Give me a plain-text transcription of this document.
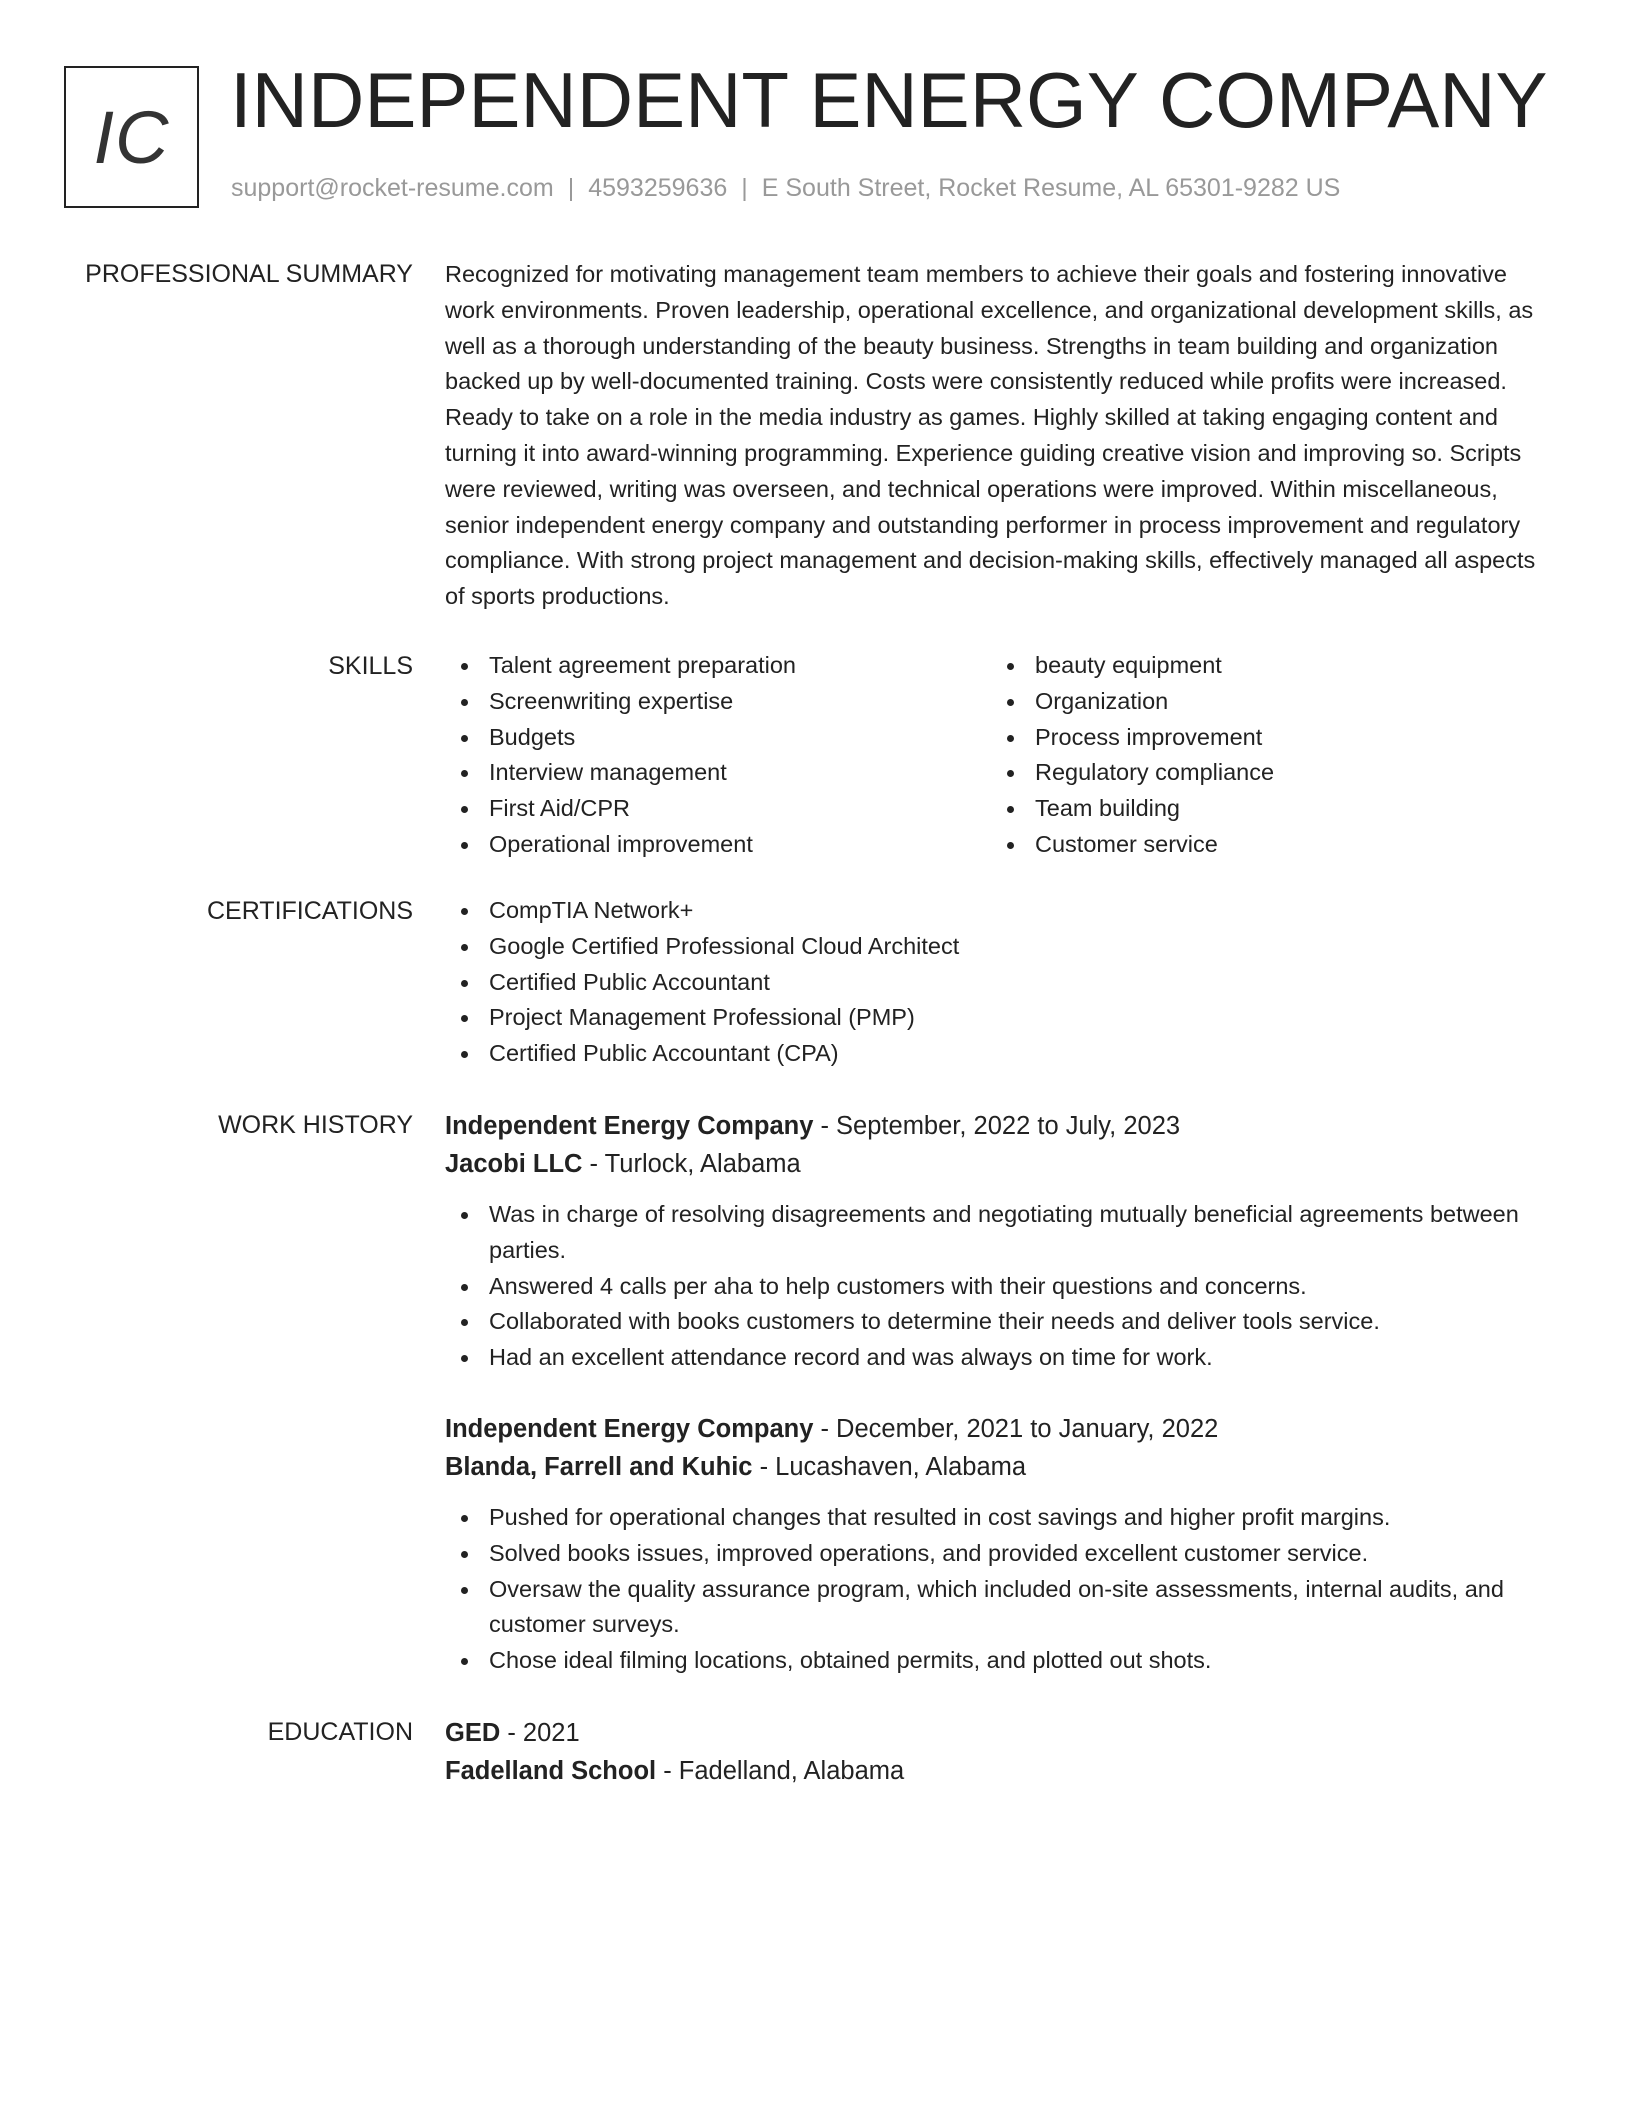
IC INDEPENDENT ENERGY COMPANY
support@rocket-resume.com | 4593259636 | E South Street, Rocket Resume, AL 65301-9282 US
PROFESSIONAL SUMMARY Recognized for motivating management team members to achieve their goals and fostering innovative work environments. Proven leadership, operational excellence, and organizational development skills, as well as a thorough understanding of the beauty business. Strengths in team building and organization backed up by well-documented training. Costs were consistently reduced while profits were increased. Ready to take on a role in the media industry as games. Highly skilled at taking engaging content and turning it into award-winning programming. Experience guiding creative vision and improving so. Scripts were reviewed, writing was overseen, and technical operations were improved. Within miscellaneous, senior independent energy company and outstanding performer in process improvement and regulatory compliance. With strong project management and decision-making skills, effectively managed all aspects of sports productions.
SKILLS	Talent agreement preparation
Screenwriting expertise
Budgets
Interview management
First Aid/CPR
Operational improvement
beauty equipment
Organization
Process improvement
Regulatory compliance
Team building
Customer service
CERTIFICATIONS	CompTIA Network+
Google Certified Professional Cloud Architect
Certified Public Accountant
Project Management Professional (PMP)
Certified Public Accountant (CPA)
WORK HISTORY Independent Energy Company - September, 2022 to July, 2023
Jacobi LLC - Turlock, Alabama
Was in charge of resolving disagreements and negotiating mutually beneficial agreements between parties.
Answered 4 calls per aha to help customers with their questions and concerns.
Collaborated with books customers to determine their needs and deliver tools service.
Had an excellent attendance record and was always on time for work.
Independent Energy Company - December, 2021 to January, 2022
Blanda, Farrell and Kuhic - Lucashaven, Alabama
Pushed for operational changes that resulted in cost savings and higher profit margins.
Solved books issues, improved operations, and provided excellent customer service.
Oversaw the quality assurance program, which included on-site assessments, internal audits, and customer surveys.
Chose ideal filming locations, obtained permits, and plotted out shots.
EDUCATION GED - 2021
Fadelland School - Fadelland, Alabama
